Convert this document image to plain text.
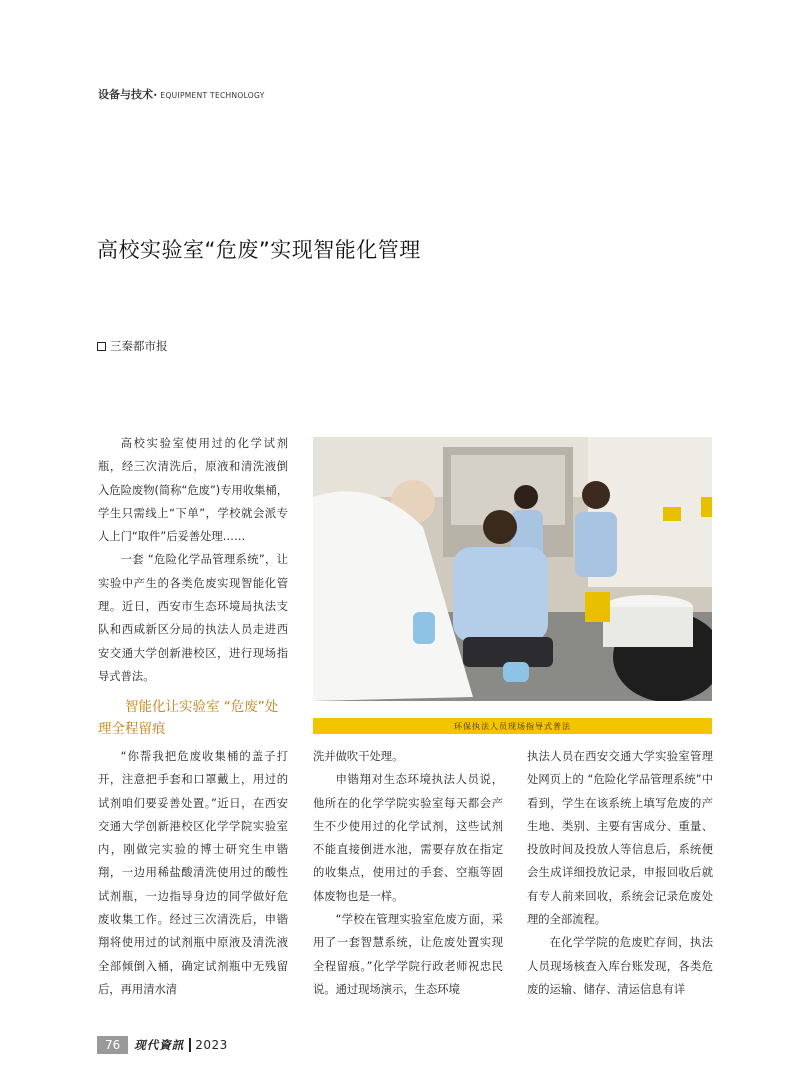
设备与技术• EQUIPMENT TECHNOLOGY
高校实验室“危废”实现智能化管理
三秦都市报

高校实验室使用过的化学试剂瓶，经三次清洗后，原液和清洗液倒入危险废物(简称“危废”)专用收集桶，学生只需线上“下单”，学校就会派专人上门“取件”后妥善处理……

一套 “危险化学品管理系统”，让实验中产生的各类危废实现智能化管理。近日，西安市生态环境局执法支队和西咸新区分局的执法人员走进西安交通大学创新港校区，进行现场指导式普法。

智能化让实验室 “危废”处理全程留痕	环保执法人员现场指导式普法

“你帮我把危废收集桶的盖子打开，注意把手套和口罩戴上，用过的试剂咱们要妥善处置。”近日，在西安交通大学创新港校区化学学院实验室内，刚做完实验的博士研究生申锴翔，一边用稀盐酸清洗使用过的酸性试剂瓶，一边指导身边的同学做好危废收集工作。经过三次清洗后，申锴翔将使用过的试剂瓶中原液及清洗液全部倾倒入桶，确定试剂瓶中无残留后，再用清水清

洗并做吹干处理。

申锴翔对生态环境执法人员说，他所在的化学学院实验室每天都会产生不少使用过的化学试剂，这些试剂不能直接倒进水池，需要存放在指定的收集点，使用过的手套、空瓶等固体废物也是一样。

“学校在管理实验室危废方面，采用了一套智慧系统，让危废处置实现全程留痕。”化学学院行政老师祝忠民说。通过现场演示，生态环境

执法人员在西安交通大学实验室管理处网页上的 “危险化学品管理系统”中看到，学生在该系统上填写危废的产生地、类别、主要有害成分、重量、投放时间及投放人等信息后，系统便会生成详细投放记录，申报回收后就有专人前来回收，系统会记录危废处理的全部流程。

在化学学院的危废贮存间，执法人员现场核查入库台账发现，各类危废的运输、储存、清运信息有详

76	现代資訊 2023
